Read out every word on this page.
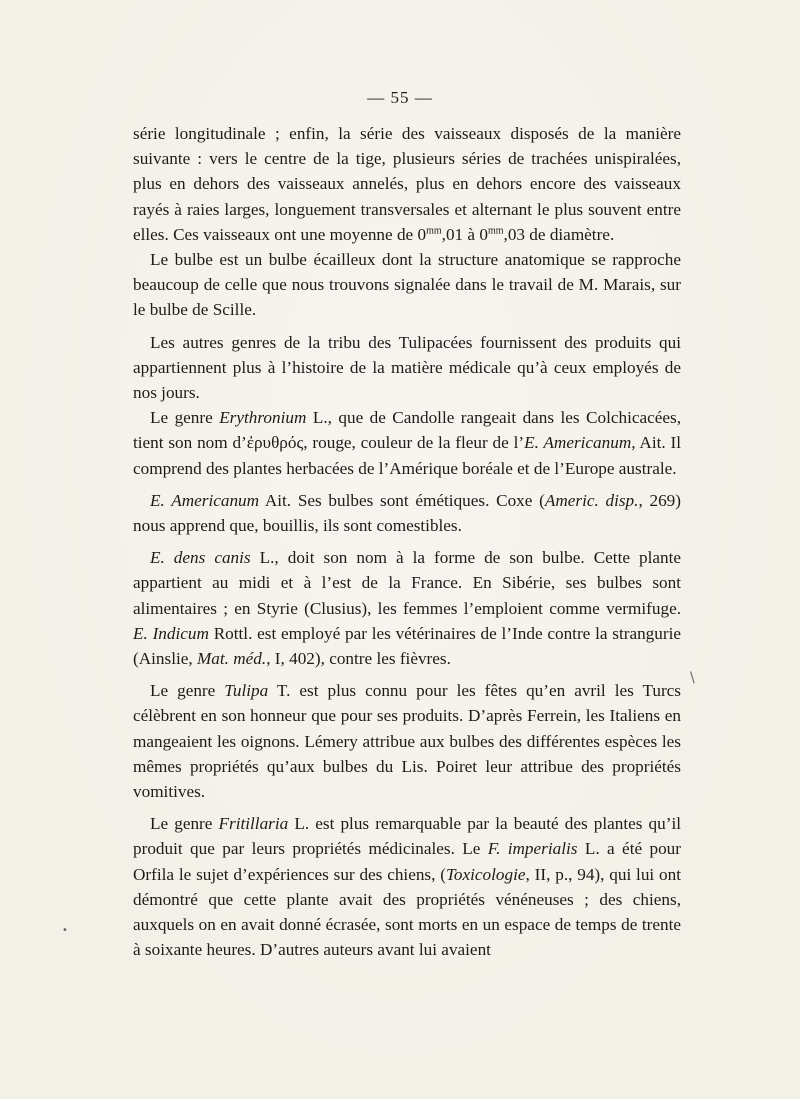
— 55 —

série longitudinale ; enfin, la série des vaisseaux disposés de la manière suivante : vers le centre de la tige, plusieurs séries de trachées unispiralées, plus en dehors des vaisseaux annelés, plus en dehors encore des vaisseaux rayés à raies larges, longuement transversales et alternant le plus souvent entre elles. Ces vaisseaux ont une moyenne de $0^{mm},01$ à $0^{mm},03$ de diamètre.

Le bulbe est un bulbe écailleux dont la structure anatomique se rapproche beaucoup de celle que nous trouvons signalée dans le travail de M. Marais, sur le bulbe de Scille.

Les autres genres de la tribu des Tulipacées fournissent des produits qui appartiennent plus à l’histoire de la matière médicale qu’à ceux employés de nos jours.

Le genre Erythronium L., que de Candolle rangeait dans les Colchicacées, tient son nom d’ἐρυθρός, rouge, couleur de la fleur de l’E. Americanum, Ait. Il comprend des plantes herbacées de l’Amérique boréale et de l’Europe australe.

E. Americanum Ait. Ses bulbes sont émétiques. Coxe (Americ. disp., 269) nous apprend que, bouillis, ils sont comestibles.

E. dens canis L., doit son nom à la forme de son bulbe. Cette plante appartient au midi et à l’est de la France. En Sibérie, ses bulbes sont alimentaires ; en Styrie (Clusius), les femmes l’emploient comme vermifuge. E. Indicum Rottl. est employé par les vétérinaires de l’Inde contre la strangurie (Ainslie, Mat. méd., I, 402), contre les fièvres.

Le genre Tulipa T. est plus connu pour les fêtes qu’en avril les Turcs célèbrent en son honneur que pour ses produits. D’après Ferrein, les Italiens en mangeaient les oignons. Lémery attribue aux bulbes des différentes espèces les mêmes propriétés qu’aux bulbes du Lis. Poiret leur attribue des propriétés vomitives.

Le genre Fritillaria L. est plus remarquable par la beauté des plantes qu’il produit que par leurs propriétés médicinales. Le F. imperialis L. a été pour Orfila le sujet d’expériences sur des chiens, (Toxicologie, II, p., 94), qui lui ont démontré que cette plante avait des propriétés vénéneuses ; des chiens, auxquels on en avait donné écrasée, sont morts en un espace de temps de trente à soixante heures. D’autres auteurs avant lui avaient

\
•
